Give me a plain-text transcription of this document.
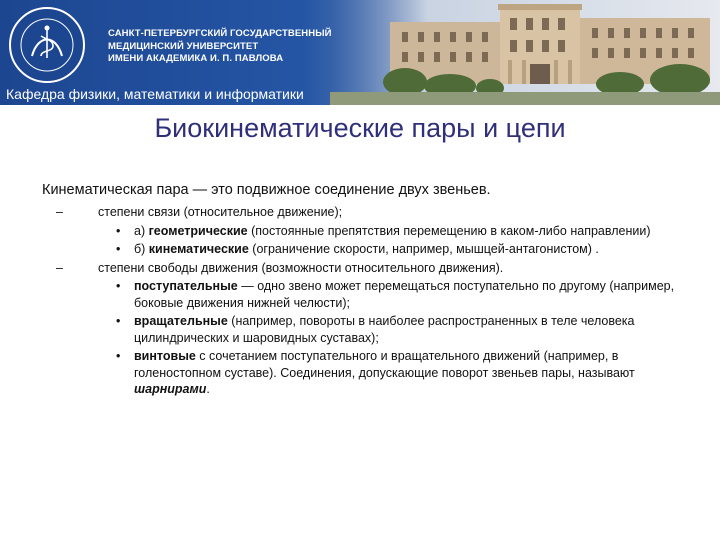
САНКТ-ПЕТЕРБУРГСКИЙ ГОСУДАРСТВЕННЫЙ
МЕДИЦИНСКИЙ УНИВЕРСИТЕТ
ИМЕНИ АКАДЕМИКА И. П. ПАВЛОВА
Кафедра физики, математики и информатики
Биокинематические пары и цепи
Кинематическая пара — это подвижное соединение двух звеньев.
–	степени связи (относительное движение);
• а) геометрические (постоянные препятствия перемещению в каком-либо направлении)
• б) кинематические (ограничение скорости, например, мышцей-антагонистом) .
–	степени свободы движения (возможности относительного движения).
• поступательные — одно звено может перемещаться поступательно по другому (например, боковые движения нижней челюсти);
• вращательные (например, повороты в наиболее распространенных в теле человека цилиндрических и шаровидных суставах);
• винтовые с сочетанием поступательного и вращательного движений (например, в голеностопном суставе). Соединения, допускающие поворот звеньев пары, называют шарнирами.
